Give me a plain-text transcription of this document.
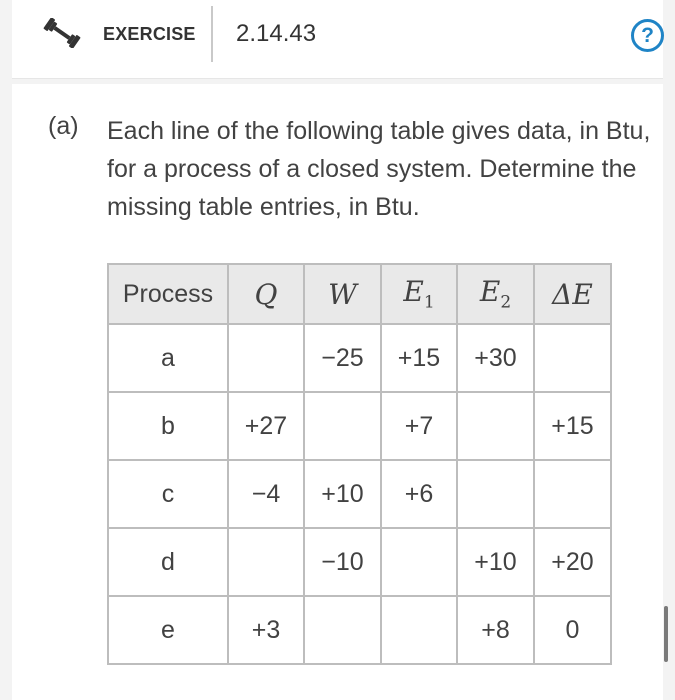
EXERCISE 2.14.43	?
(a) Each line of the following table gives data, in Btu, for a process of a closed system. Determine the missing table entries, in Btu.
Process	Q	W	$E_1$	$E_2$	ΔE
a		−25	+15	+30	
b	+27		+7		+15
c	−4	+10	+6		
d		−10		+10	+20
e	+3			+8	0
